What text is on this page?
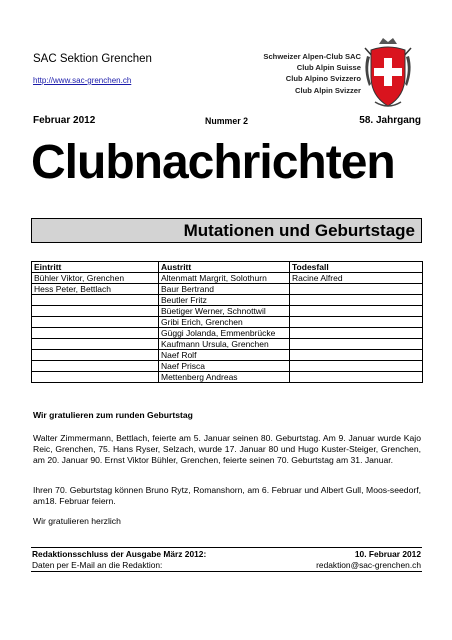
SAC Sektion Grenchen
http://www.sac-grenchen.ch
Schweizer Alpen-Club SAC
Club Alpin Suisse
Club Alpino Svizzero
Club Alpin Svizzer
Februar 2012	Nummer 2	58. Jahrgang
Clubnachrichten
Mutationen und Geburtstage
Eintritt	Austritt	Todesfall
Bühler Viktor, Grenchen	Altenmatt Margrit, Solothurn	Racine Alfred
Hess Peter, Bettlach	Baur Bertrand	
	Beutler Fritz	
	Büetiger Werner, Schnottwil	
	Gribi Erich, Grenchen	
	Güggi Jolanda, Emmenbrücke	
	Kaufmann Ursula, Grenchen	
	Naef Rolf	
	Naef Prisca	
	Mettenberg Andreas	
Wir gratulieren zum runden Geburtstag
Walter Zimmermann, Bettlach, feierte am 5. Januar seinen 80. Geburtstag. Am 9. Januar wurde Kajo Reic, Grenchen, 75. Hans Ryser, Selzach, wurde 17. Januar 80 und Hugo Kuster-Steiger, Grenchen, am 20. Januar 90. Ernst Viktor Bühler, Grenchen, feierte seinen 70. Geburtstag am 31. Januar.
Ihren 70. Geburtstag können Bruno Rytz, Romanshorn, am 6. Februar und Albert Gull, Moos-seedorf, am18. Februar feiern.
Wir gratulieren herzlich
Redaktionsschluss der Ausgabe März 2012:	10. Februar 2012
Daten per E-Mail an die Redaktion:	redaktion@sac-grenchen.ch
